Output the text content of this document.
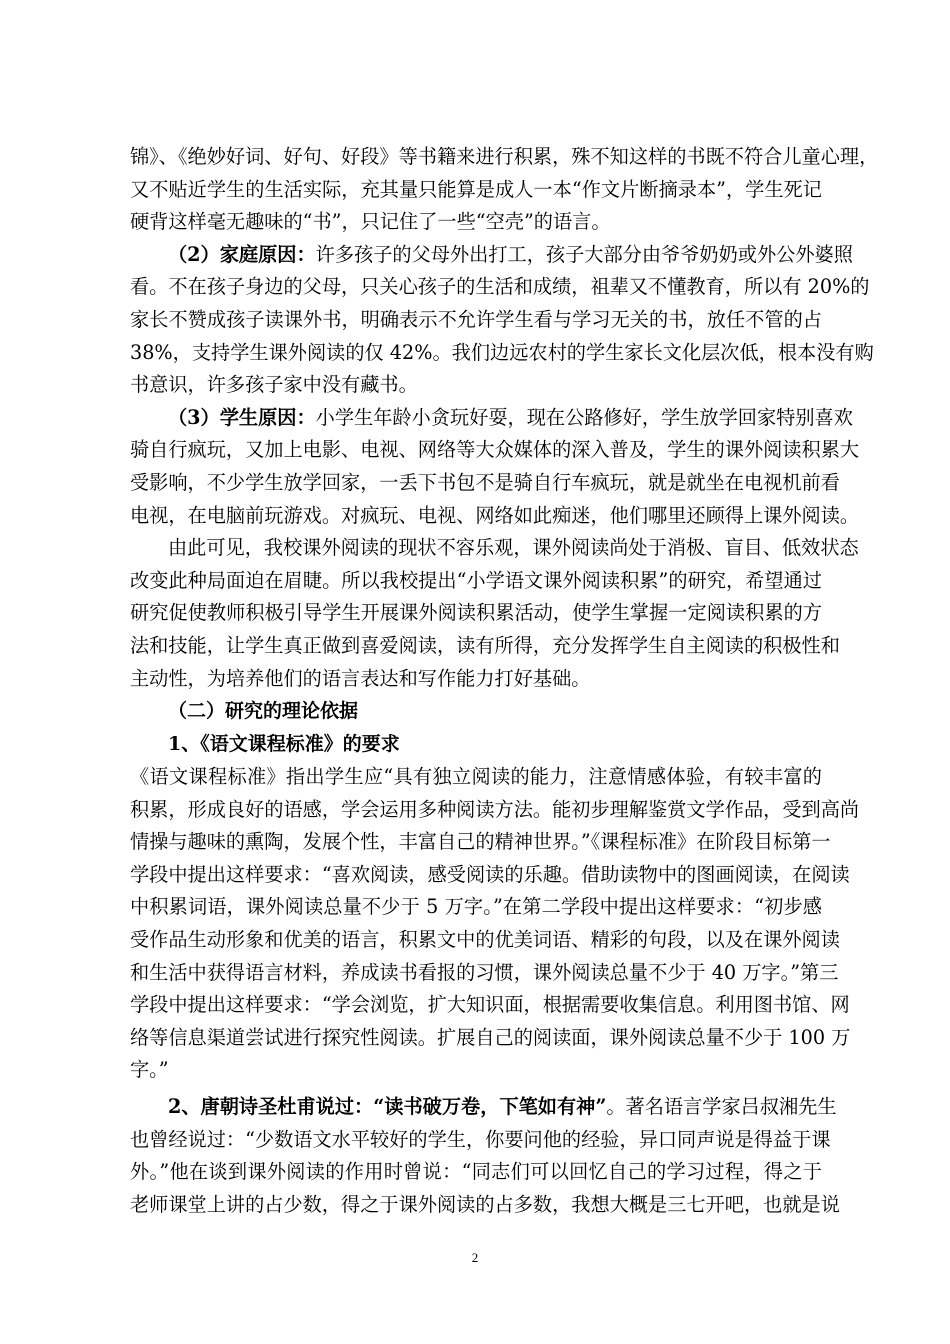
锦》、《绝妙好词、好句、好段》等书籍来进行积累，殊不知这样的书既不符合儿童心理，
又不贴近学生的生活实际，充其量只能算是成人一本“作文片断摘录本”，学生死记
硬背这样毫无趣味的“书”，只记住了一些“空壳”的语言。
（2）家庭原因：许多孩子的父母外出打工，孩子大部分由爷爷奶奶或外公外婆照
看。不在孩子身边的父母，只关心孩子的生活和成绩，祖辈又不懂教育，所以有 20%的
家长不赞成孩子读课外书，明确表示不允许学生看与学习无关的书，放任不管的占
38%，支持学生课外阅读的仅 42%。我们边远农村的学生家长文化层次低，根本没有购
书意识，许多孩子家中没有藏书。
（3）学生原因：小学生年龄小贪玩好耍，现在公路修好，学生放学回家特别喜欢
骑自行疯玩，又加上电影、电视、网络等大众媒体的深入普及，学生的课外阅读积累大
受影响，不少学生放学回家，一丢下书包不是骑自行车疯玩，就是就坐在电视机前看
电视，在电脑前玩游戏。对疯玩、电视、网络如此痴迷，他们哪里还顾得上课外阅读。
由此可见，我校课外阅读的现状不容乐观，课外阅读尚处于消极、盲目、低效状态
改变此种局面迫在眉睫。所以我校提出“小学语文课外阅读积累”的研究，希望通过
研究促使教师积极引导学生开展课外阅读积累活动，使学生掌握一定阅读积累的方
法和技能，让学生真正做到喜爱阅读，读有所得，充分发挥学生自主阅读的积极性和
主动性，为培养他们的语言表达和写作能力打好基础。
（二）研究的理论依据
1、《语文课程标准》的要求
《语文课程标准》指出学生应“具有独立阅读的能力，注意情感体验，有较丰富的
积累，形成良好的语感，学会运用多种阅读方法。能初步理解鉴赏文学作品，受到高尚
情操与趣味的熏陶，发展个性，丰富自己的精神世界。”《课程标准》在阶段目标第一
学段中提出这样要求：“喜欢阅读，感受阅读的乐趣。借助读物中的图画阅读，在阅读
中积累词语，课外阅读总量不少于 5 万字。”在第二学段中提出这样要求：“初步感
受作品生动形象和优美的语言，积累文中的优美词语、精彩的句段，以及在课外阅读
和生活中获得语言材料，养成读书看报的习惯，课外阅读总量不少于 40 万字。”第三
学段中提出这样要求：“学会浏览，扩大知识面，根据需要收集信息。利用图书馆、网
络等信息渠道尝试进行探究性阅读。扩展自己的阅读面，课外阅读总量不少于 100 万
字。”
2、唐朝诗圣杜甫说过：“读书破万卷，下笔如有神”。著名语言学家吕叔湘先生
也曾经说过：“少数语文水平较好的学生，你要问他的经验，异口同声说是得益于课
外。”他在谈到课外阅读的作用时曾说：“同志们可以回忆自己的学习过程，得之于
老师课堂上讲的占少数，得之于课外阅读的占多数，我想大概是三七开吧，也就是说
2
